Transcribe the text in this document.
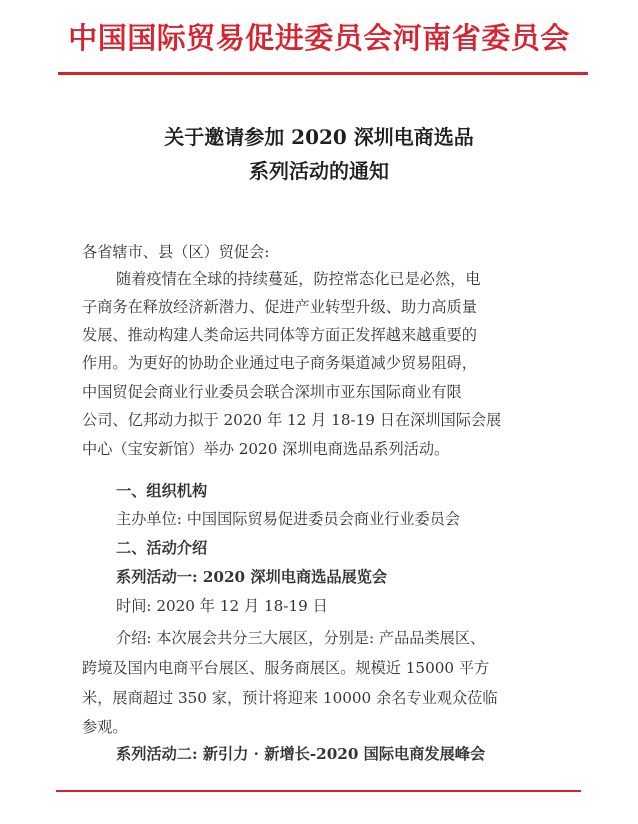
中国国际贸易促进委员会河南省委员会
关于邀请参加 2020 深圳电商选品
系列活动的通知
各省辖市、县（区）贸促会:
随着疫情在全球的持续蔓延，防控常态化已是必然，电
子商务在释放经济新潜力、促进产业转型升级、助力高质量
发展、推动构建人类命运共同体等方面正发挥越来越重要的
作用。为更好的协助企业通过电子商务渠道减少贸易阻碍，
中国贸促会商业行业委员会联合深圳市亚东国际商业有限
公司、亿邦动力拟于 2020 年 12 月 18-19 日在深圳国际会展
中心（宝安新馆）举办 2020 深圳电商选品系列活动。
一、组织机构
主办单位: 中国国际贸易促进委员会商业行业委员会
二、活动介绍
系列活动一: 2020 深圳电商选品展览会
时间: 2020 年 12 月 18-19 日
介绍: 本次展会共分三大展区，分别是: 产品品类展区、
跨境及国内电商平台展区、服务商展区。规模近 15000 平方
米，展商超过 350 家，预计将迎来 10000 余名专业观众莅临
参观。
系列活动二: 新引力 · 新增长-2020 国际电商发展峰会
